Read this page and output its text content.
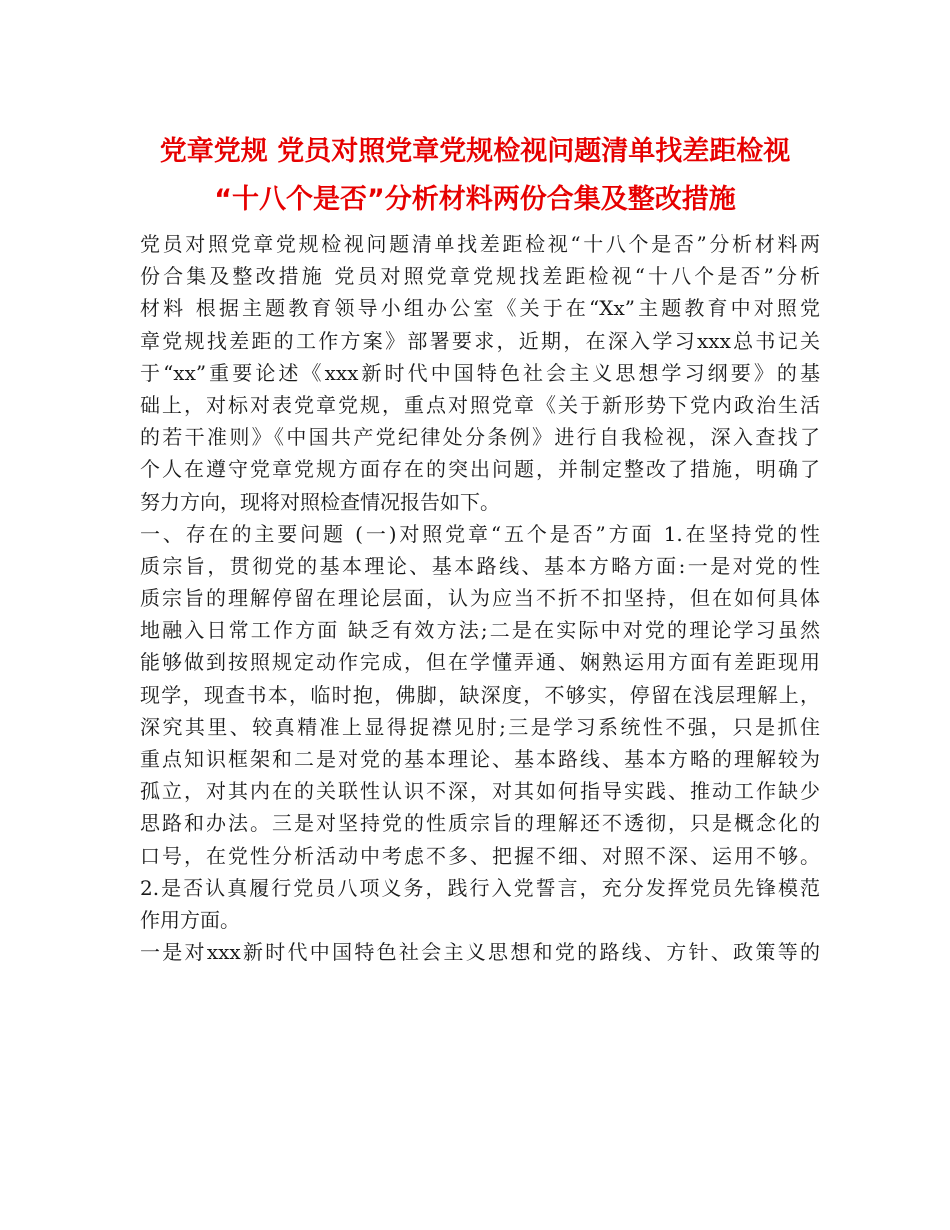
党章党规 党员对照党章党规检视问题清单找差距检视
“十八个是否”分析材料两份合集及整改措施
党员对照党章党规检视问题清单找差距检视“十八个是否”分析材料两
份合集及整改措施 党员对照党章党规找差距检视“十八个是否”分析
材料 根据主题教育领导小组办公室《关于在“Xx”主题教育中对照党
章党规找差距的工作方案》部署要求，近期，在深入学习xxx总书记关
于“xx”重要论述《xxx新时代中国特色社会主义思想学习纲要》的基
础上，对标对表党章党规，重点对照党章《关于新形势下党内政治生活
的若干准则》《中国共产党纪律处分条例》进行自我检视，深入查找了
个人在遵守党章党规方面存在的突出问题，并制定整改了措施，明确了
努力方向，现将对照检查情况报告如下。
一、存在的主要问题 (一)对照党章“五个是否”方面 1.在坚持党的性
质宗旨，贯彻党的基本理论、基本路线、基本方略方面:一是对党的性
质宗旨的理解停留在理论层面，认为应当不折不扣坚持，但在如何具体
地融入日常工作方面 缺乏有效方法;二是在实际中对党的理论学习虽然
能够做到按照规定动作完成，但在学懂弄通、娴熟运用方面有差距现用
现学，现查书本，临时抱，佛脚，缺深度，不够实，停留在浅层理解上，
深究其里、较真精准上显得捉襟见肘;三是学习系统性不强，只是抓住
重点知识框架和二是对党的基本理论、基本路线、基本方略的理解较为
孤立，对其内在的关联性认识不深，对其如何指导实践、推动工作缺少
思路和办法。三是对坚持党的性质宗旨的理解还不透彻，只是概念化的
口号，在党性分析活动中考虑不多、把握不细、对照不深、运用不够。
2.是否认真履行党员八项义务，践行入党誓言，充分发挥党员先锋模范
作用方面。
一是对xxx新时代中国特色社会主义思想和党的路线、方针、政策等的
